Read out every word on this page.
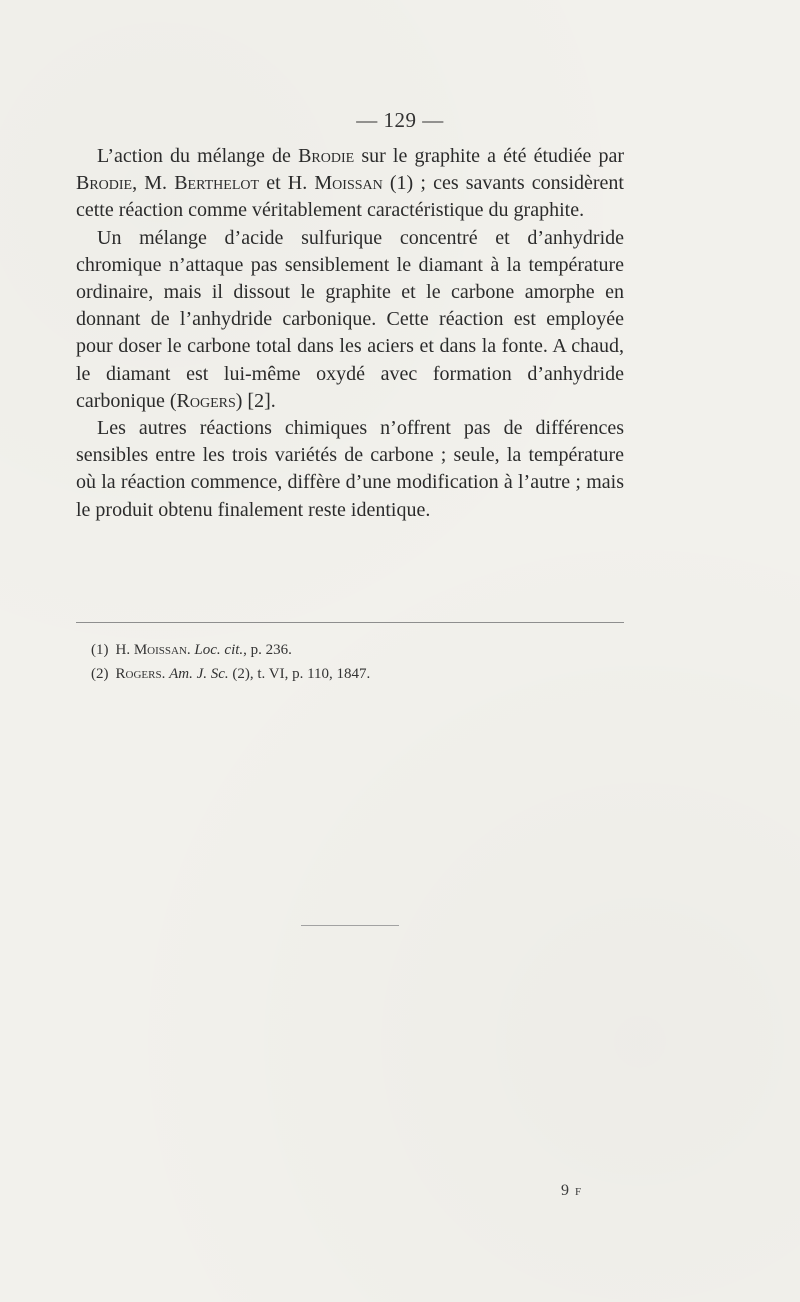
— 129 —

L’action du mélange de Brodie sur le graphite a été étudiée par Brodie, M. Berthelot et H. Moissan (1) ; ces savants considèrent cette réaction comme véritablement caractéristique du graphite.

Un mélange d’acide sulfurique concentré et d’anhydride chromique n’attaque pas sensiblement le diamant à la température ordinaire, mais il dissout le graphite et le carbone amorphe en donnant de l’anhydride carbonique. Cette réaction est employée pour doser le carbone total dans les aciers et dans la fonte. A chaud, le diamant est lui-même oxydé avec formation d’anhydride carbonique (Rogers) [2].

Les autres réactions chimiques n’offrent pas de différences sensibles entre les trois variétés de carbone ; seule, la température où la réaction commence, diffère d’une modification à l’autre ; mais le produit obtenu finalement reste identique.

(1) H. Moissan. Loc. cit., p. 236.

(2) Rogers. Am. J. Sc. (2), t. VI, p. 110, 1847.

9 F
